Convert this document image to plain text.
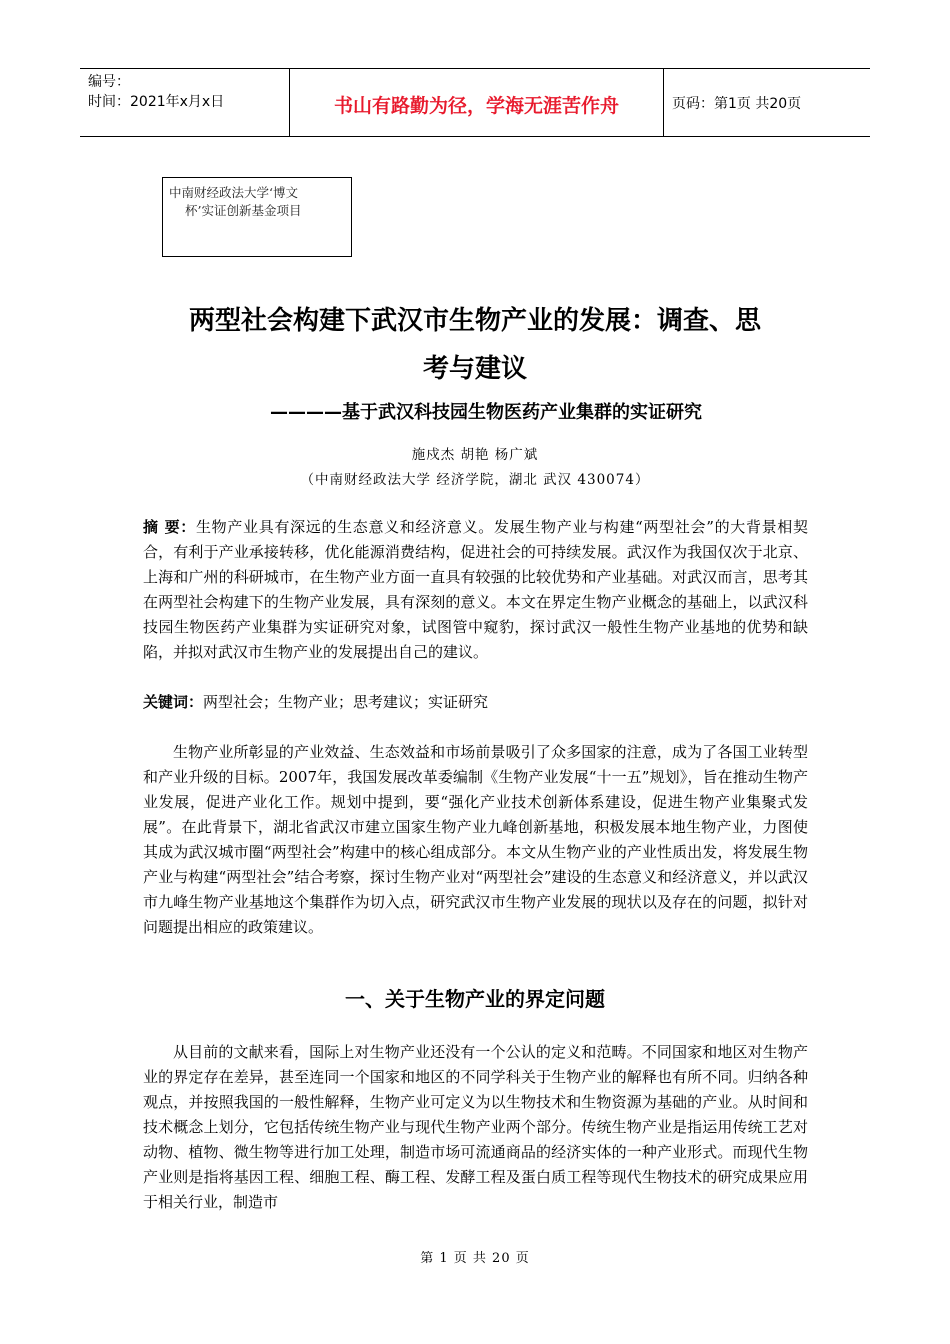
编号：
时间：2021年x月x日	书山有路勤为径，学海无涯苦作舟	页码：第1页 共20页
中南财经政法大学‘博文
杯’实证创新基金项目
两型社会构建下武汉市生物产业的发展：调查、思
考与建议
————基于武汉科技园生物医药产业集群的实证研究
施戍杰 胡艳 杨广斌
（中南财经政法大学 经济学院，湖北 武汉 430074）
摘 要：生物产业具有深远的生态意义和经济意义。发展生物产业与构建“两型社会”的大背景相契合，有利于产业承接转移，优化能源消费结构，促进社会的可持续发展。武汉作为我国仅次于北京、上海和广州的科研城市，在生物产业方面一直具有较强的比较优势和产业基础。对武汉而言，思考其在两型社会构建下的生物产业发展，具有深刻的意义。本文在界定生物产业概念的基础上，以武汉科技园生物医药产业集群为实证研究对象，试图管中窥豹，探讨武汉一般性生物产业基地的优势和缺陷，并拟对武汉市生物产业的发展提出自己的建议。
关键词：两型社会；生物产业；思考建议；实证研究
生物产业所彰显的产业效益、生态效益和市场前景吸引了众多国家的注意，成为了各国工业转型和产业升级的目标。2007年，我国发展改革委编制《生物产业发展“十一五”规划》，旨在推动生物产业发展，促进产业化工作。规划中提到，要“强化产业技术创新体系建设，促进生物产业集聚式发展”。在此背景下，湖北省武汉市建立国家生物产业九峰创新基地，积极发展本地生物产业，力图使其成为武汉城市圈“两型社会”构建中的核心组成部分。本文从生物产业的产业性质出发，将发展生物产业与构建“两型社会”结合考察，探讨生物产业对“两型社会”建设的生态意义和经济意义，并以武汉市九峰生物产业基地这个集群作为切入点，研究武汉市生物产业发展的现状以及存在的问题，拟针对问题提出相应的政策建议。
一、关于生物产业的界定问题
从目前的文献来看，国际上对生物产业还没有一个公认的定义和范畴。不同国家和地区对生物产业的界定存在差异，甚至连同一个国家和地区的不同学科关于生物产业的解释也有所不同。归纳各种观点，并按照我国的一般性解释，生物产业可定义为以生物技术和生物资源为基础的产业。从时间和技术概念上划分，它包括传统生物产业与现代生物产业两个部分。传统生物产业是指运用传统工艺对动物、植物、微生物等进行加工处理，制造市场可流通商品的经济实体的一种产业形式。而现代生物产业则是指将基因工程、细胞工程、酶工程、发酵工程及蛋白质工程等现代生物技术的研究成果应用于相关行业，制造市
第 1 页 共 20 页
